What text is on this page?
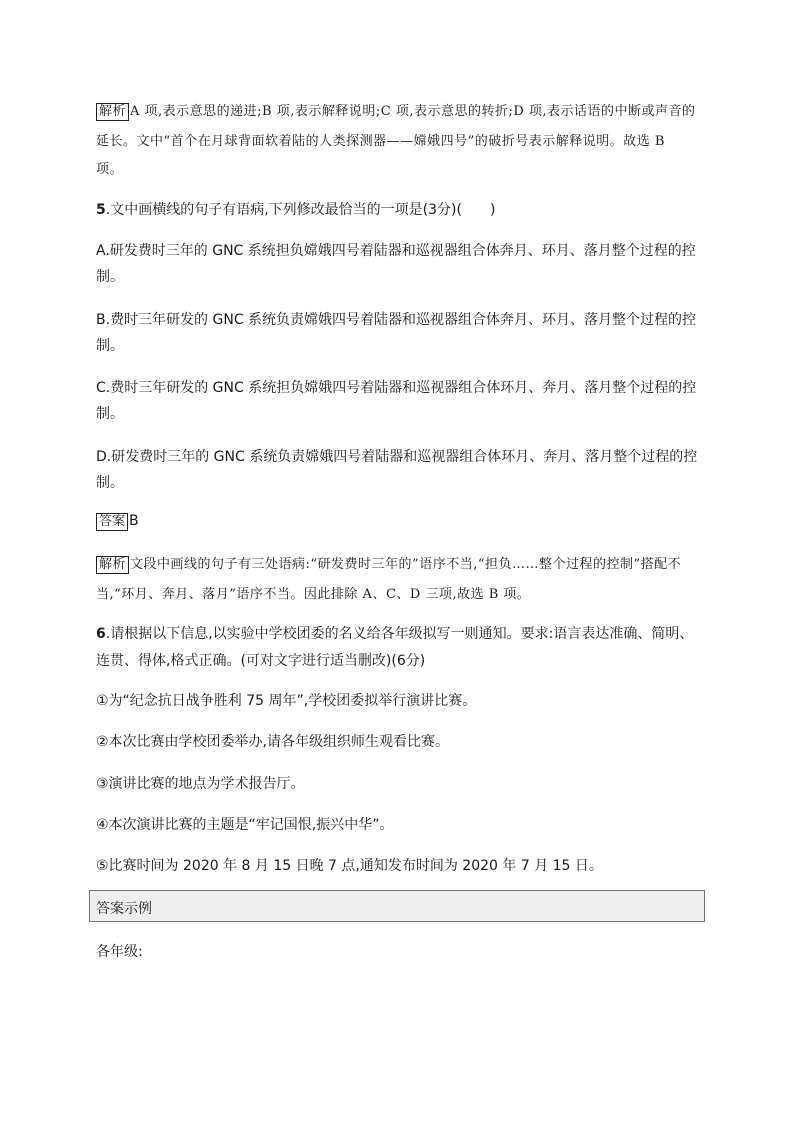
解析 A 项,表示意思的递进;B 项,表示解释说明;C 项,表示意思的转折;D 项,表示话语的中断或声音的
延长。文中“首个在月球背面软着陆的人类探测器——嫦娥四号”的破折号表示解释说明。故选 B
项。
5.文中画横线的句子有语病,下列修改最恰当的一项是(3分)(　　)
A.研发费时三年的 GNC 系统担负嫦娥四号着陆器和巡视器组合体奔月、环月、落月整个过程的控
制。
B.费时三年研发的 GNC 系统负责嫦娥四号着陆器和巡视器组合体奔月、环月、落月整个过程的控
制。
C.费时三年研发的 GNC 系统担负嫦娥四号着陆器和巡视器组合体环月、奔月、落月整个过程的控
制。
D.研发费时三年的 GNC 系统负责嫦娥四号着陆器和巡视器组合体环月、奔月、落月整个过程的控
制。
答案 B
解析 文段中画线的句子有三处语病:“研发费时三年的”语序不当,“担负……整个过程的控制”搭配不
当,“环月、奔月、落月”语序不当。因此排除 A、C、D 三项,故选 B 项。
6.请根据以下信息,以实验中学校团委的名义给各年级拟写一则通知。要求:语言表达准确、简明、
连贯、得体,格式正确。(可对文字进行适当删改)(6分)
①为“纪念抗日战争胜利 75 周年”,学校团委拟举行演讲比赛。
②本次比赛由学校团委举办,请各年级组织师生观看比赛。
③演讲比赛的地点为学术报告厅。
④本次演讲比赛的主题是“牢记国恨,振兴中华”。
⑤比赛时间为 2020 年 8 月 15 日晚 7 点,通知发布时间为 2020 年 7 月 15 日。
答案示例
各年级:
